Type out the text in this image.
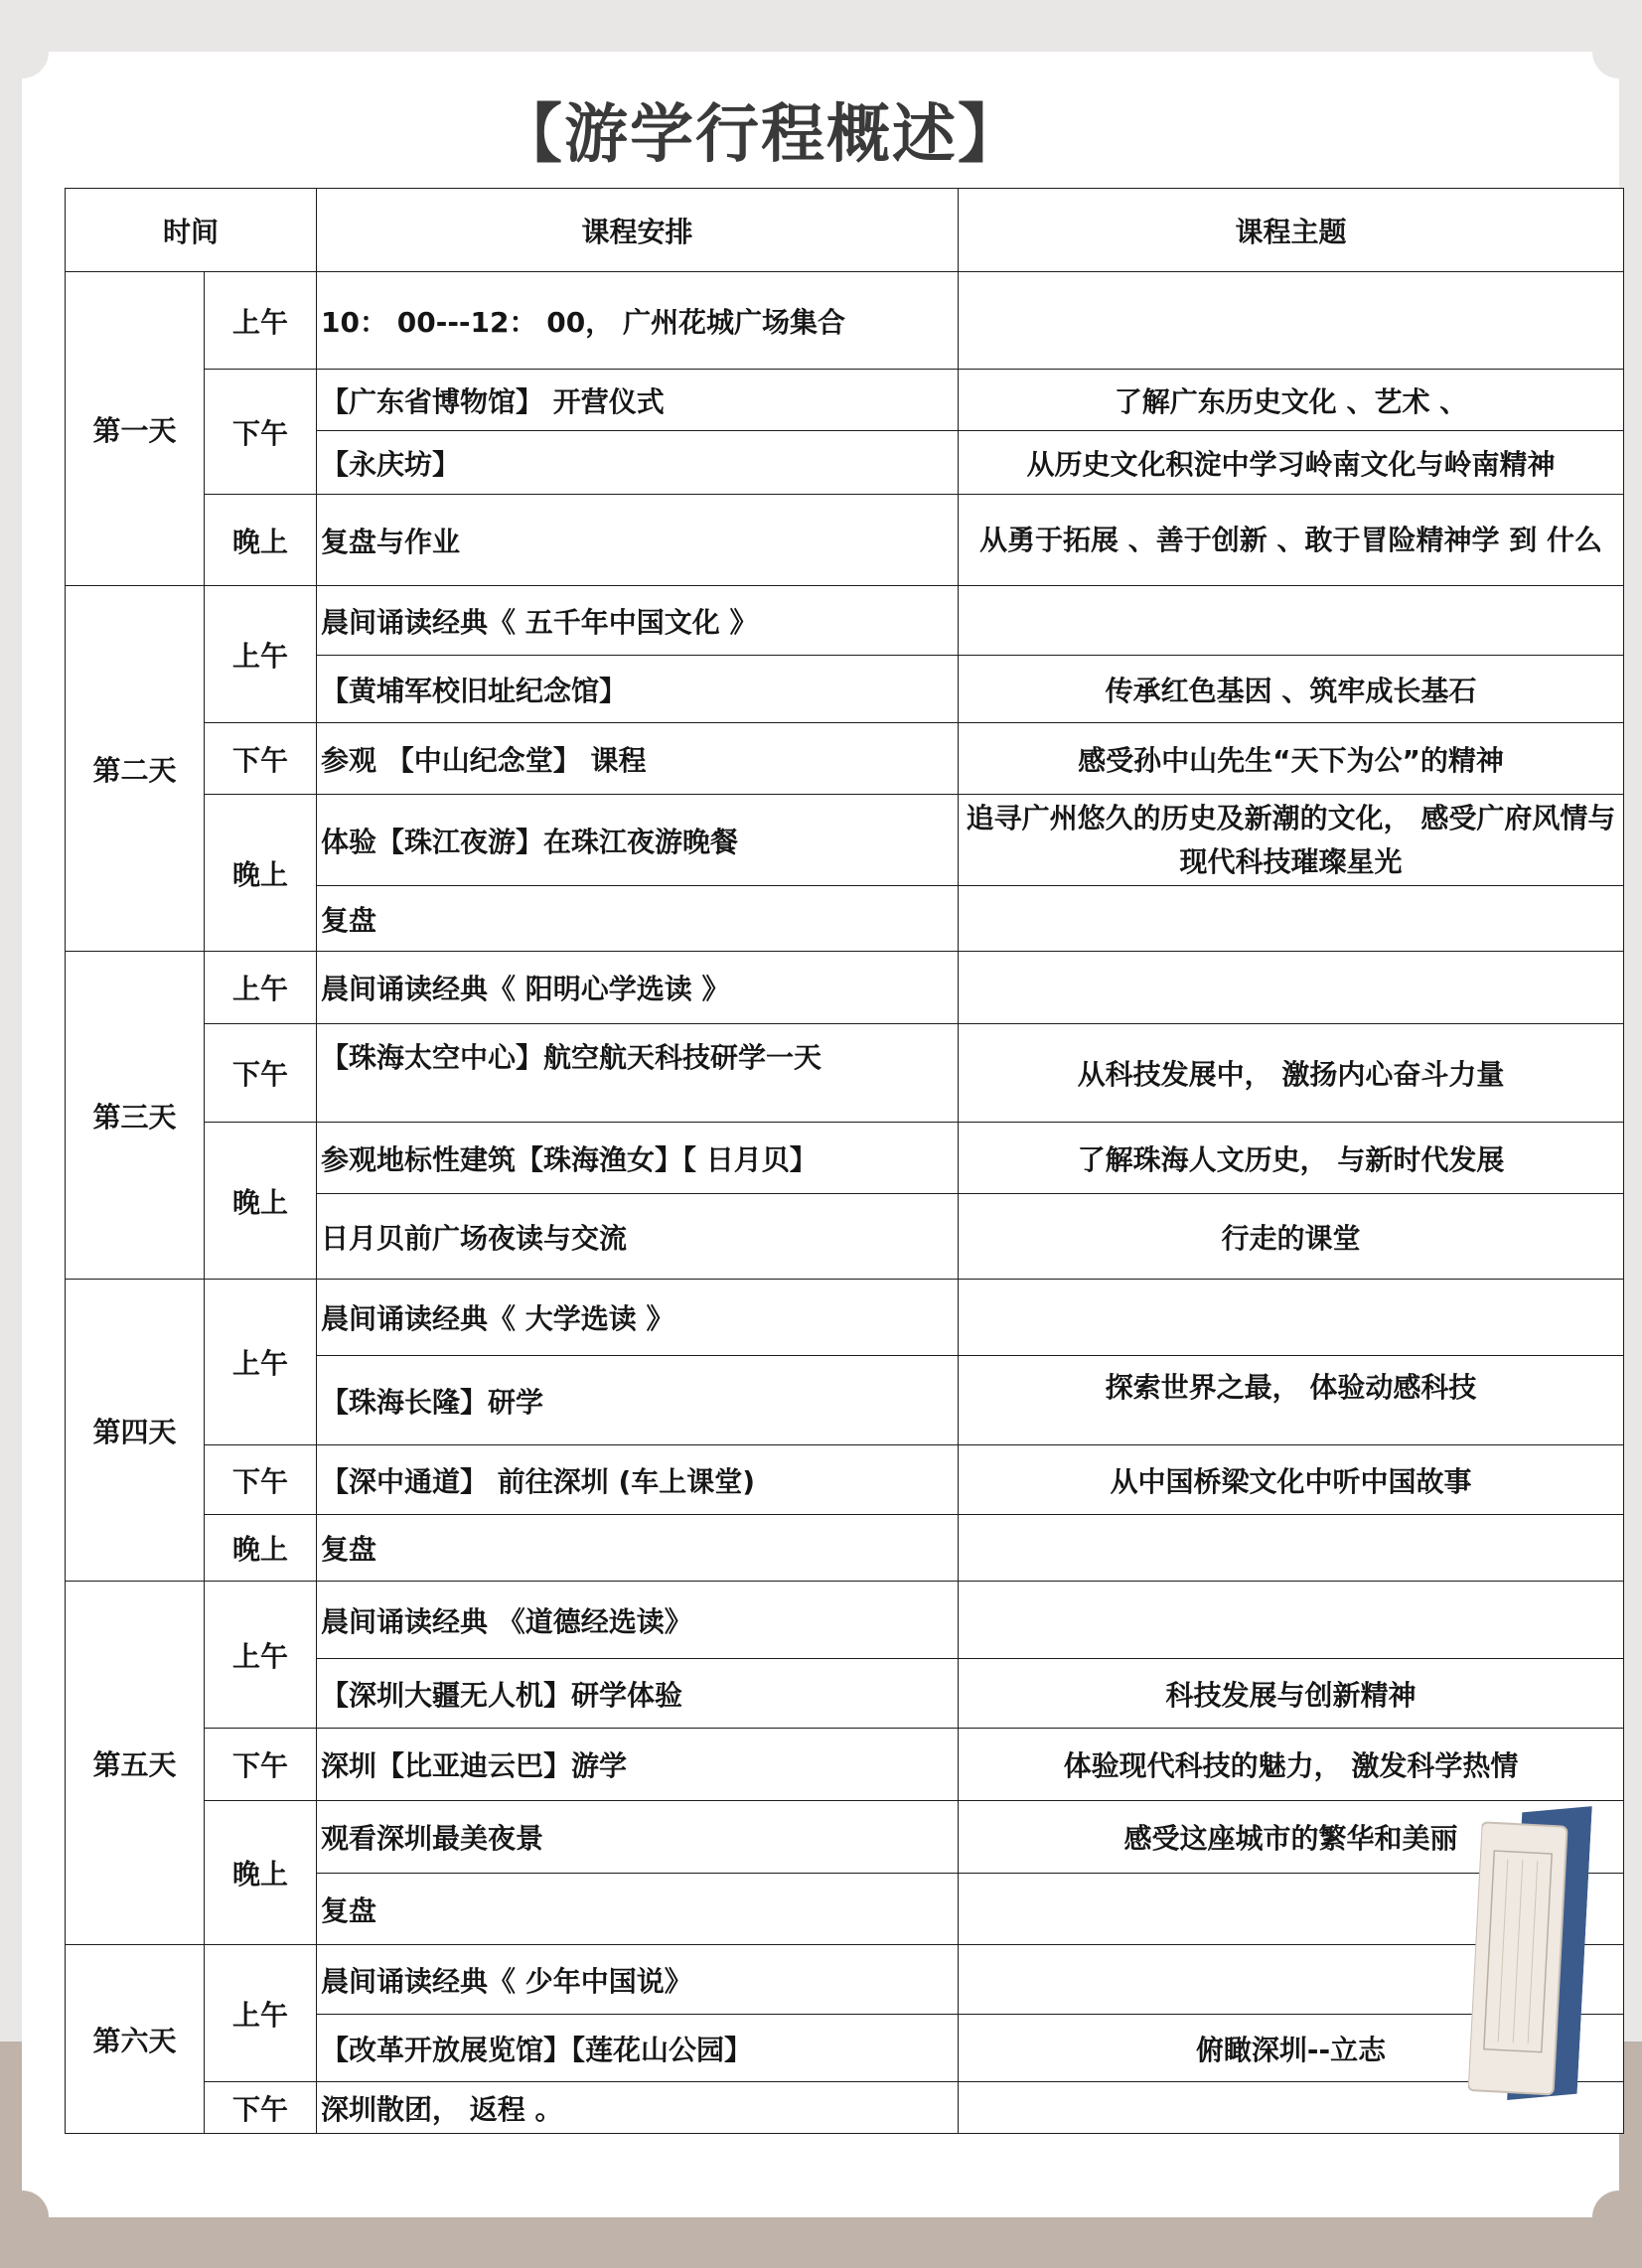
【游学行程概述】
时间		课程安排	课程主题
第一天	上午	10： 00---12： 00， 广州花城广场集合	
	下午	【广东省博物馆】 开营仪式	了解广东历史文化 、艺术 、
		【永庆坊】	从历史文化积淀中学习岭南文化与岭南精神
	晚上	复盘与作业	从勇于拓展 、善于创新 、敢于冒险精神学 到 什么
第二天	上午	晨间诵读经典《 五千年中国文化 》	
		【黄埔军校旧址纪念馆】	传承红色基因 、筑牢成长基石
	下午	参观 【中山纪念堂】 课程	感受孙中山先生“天下为公”的精神
	晚上	体验【珠江夜游】在珠江夜游晚餐	追寻广州悠久的历史及新潮的文化， 感受广府风情与现代科技璀璨星光
		复盘	
第三天	上午	晨间诵读经典《 阳明心学选读 》	
	下午	【珠海太空中心】航空航天科技研学一天	从科技发展中， 激扬内心奋斗力量
	晚上	参观地标性建筑【珠海渔女】【 日月贝】	了解珠海人文历史， 与新时代发展
		日月贝前广场夜读与交流	行走的课堂
第四天	上午	晨间诵读经典《 大学选读 》	
		【珠海长隆】研学	探索世界之最， 体验动感科技
	下午	【深中通道】 前往深圳 (车上课堂)	从中国桥梁文化中听中国故事
	晚上	复盘	
第五天	上午	晨间诵读经典 《道德经选读》	
		【深圳大疆无人机】研学体验	科技发展与创新精神
	下午	深圳【比亚迪云巴】游学	体验现代科技的魅力， 激发科学热情
	晚上	观看深圳最美夜景	感受这座城市的繁华和美丽
		复盘	
第六天	上午	晨间诵读经典《 少年中国说》	
		【改革开放展览馆】【莲花山公园】	俯瞰深圳--立志
	下午	深圳散团， 返程 。	
